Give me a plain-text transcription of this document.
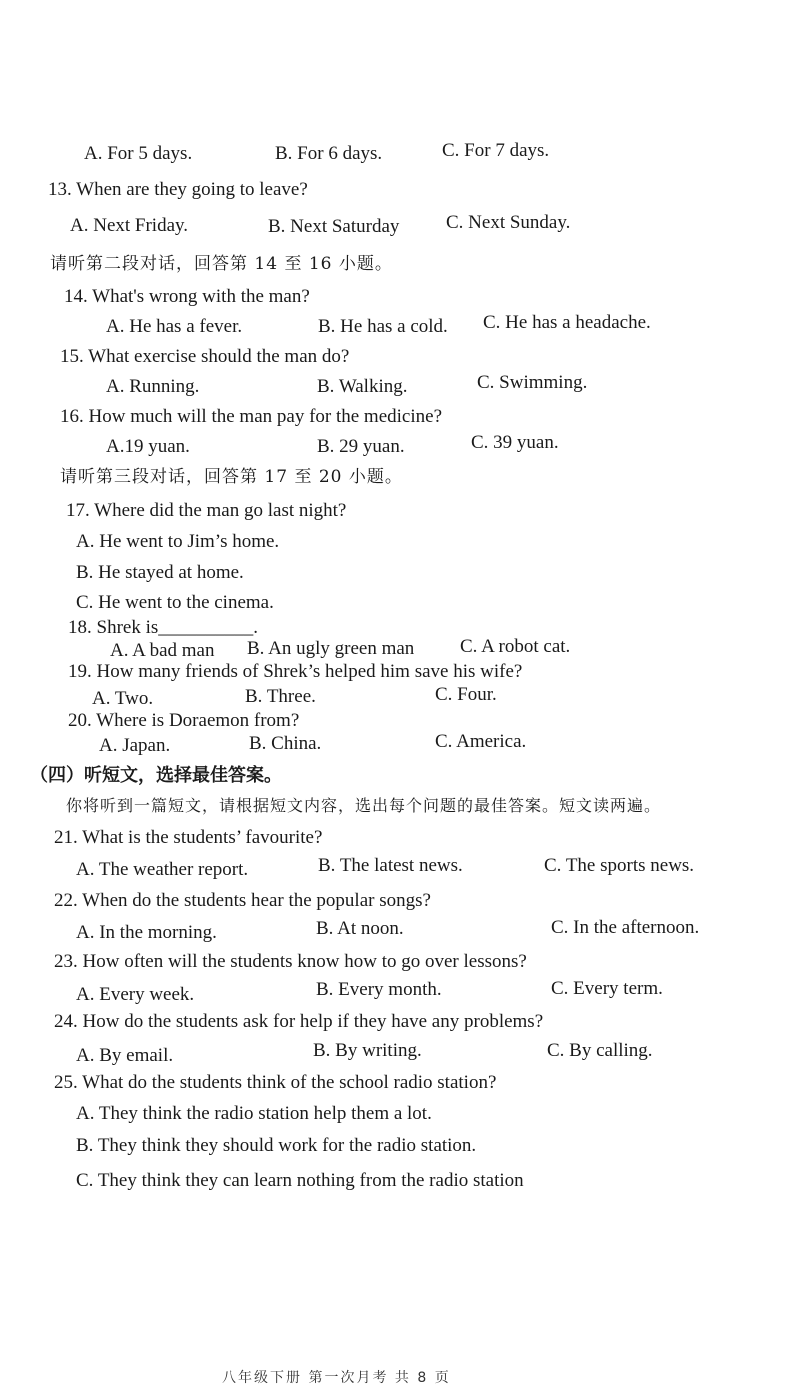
A. For 5 days.	B. For 6 days.	C. For 7 days.
13. When are they going to leave?
A. Next Friday.	B. Next Saturday C. Next Sunday.
请听第二段对话，回答第 14 至 16 小题。
14. What's wrong with the man?
A. He has a fever.	B. He has a cold. C. He has a headache.
15. What exercise should the man do?
A. Running.	B. Walking.	C. Swimming.
16. How much will the man pay for the medicine?
A.19 yuan.	B. 29 yuan.	C. 39 yuan.
请听第三段对话，回答第 17 至 20 小题。
17. Where did the man go last night?
A. He went to Jim’s home.
B. He stayed at home.
C. He went to the cinema.
18. Shrek is__________.
A. A bad man B. An ugly green man C. A robot cat.
19. How many friends of Shrek’s helped him save his wife?
A. Two.	B. Three.	C. Four.
20. Where is Doraemon from?
A. Japan.	B. China.	C. America.
（四）听短文，选择最佳答案。
你将听到一篇短文，请根据短文内容，选出每个问题的最佳答案。短文读两遍。
21. What is the students’ favourite?
A. The weather report.	B. The latest news.	C. The sports news.
22. When do the students hear the popular songs?
A. In the morning.	B. At noon.	C. In the afternoon.
23. How often will the students know how to go over lessons?
A. Every week.	B. Every month.	C. Every term.
24. How do the students ask for help if they have any problems?
A. By email.	B. By writing.	C. By calling.
25. What do the students think of the school radio station?
A. They think the radio station help them a lot.
B. They think they should work for the radio station.
C. They think they can learn nothing from the radio station
八年级下册 第一次月考 共 8 页
